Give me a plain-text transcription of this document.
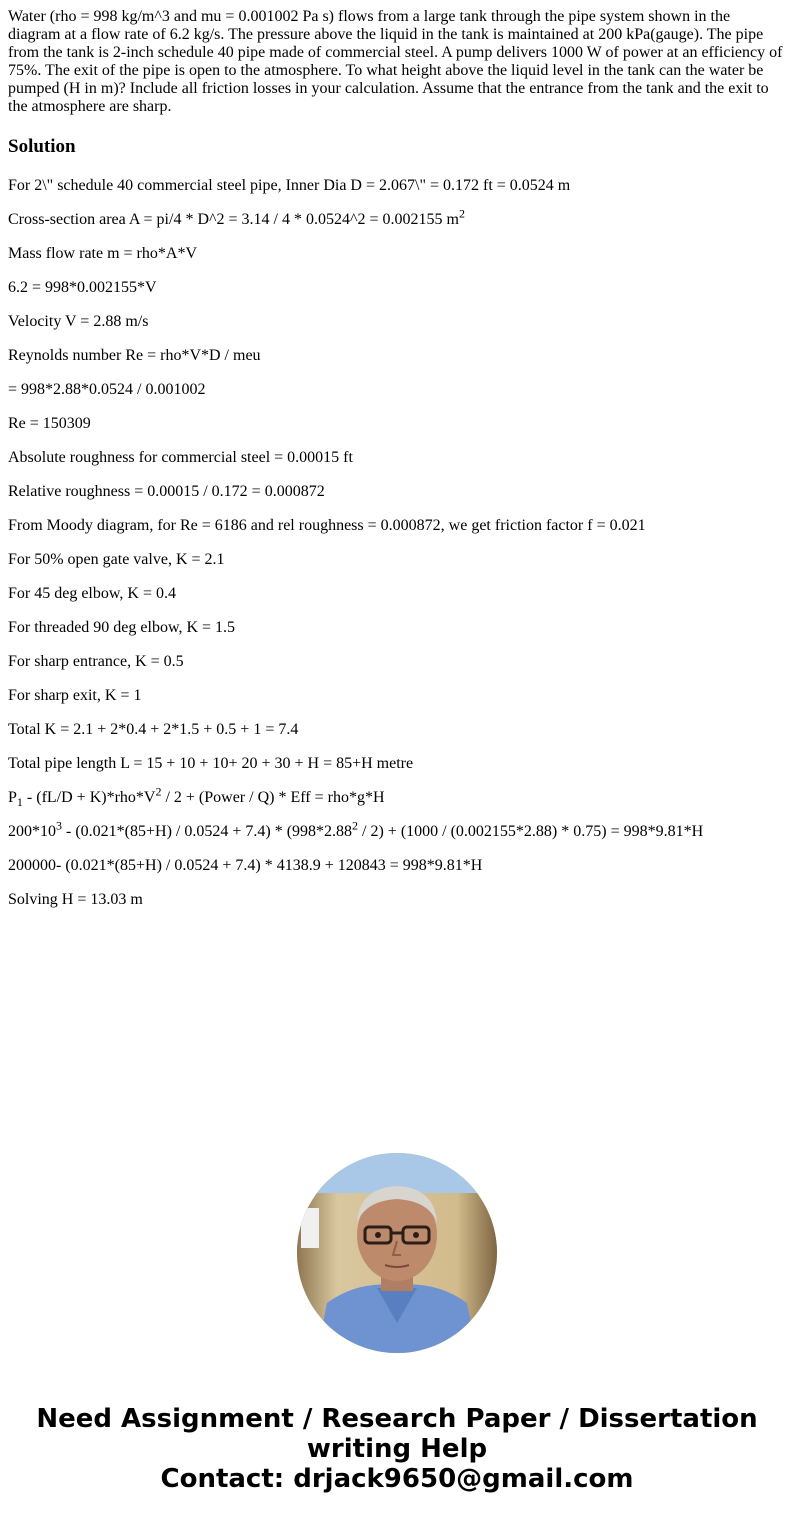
Water (rho = 998 kg/m^3 and mu = 0.001002 Pa s) flows from a large tank through the pipe system shown in the diagram at a flow rate of 6.2 kg/s. The pressure above the liquid in the tank is maintained at 200 kPa(gauge). The pipe from the tank is 2-inch schedule 40 pipe made of commercial steel. A pump delivers 1000 W of power at an efficiency of 75%. The exit of the pipe is open to the atmosphere. To what height above the liquid level in the tank can the water be pumped (H in m)? Include all friction losses in your calculation. Assume that the entrance from the tank and the exit to the atmosphere are sharp.

Solution
For 2\" schedule 40 commercial steel pipe, Inner Dia D = 2.067\" = 0.172 ft = 0.0524 m
Cross-section area A = pi/4 * D^2 = 3.14 / 4 * 0.0524^2 = 0.002155 $m^2$
Mass flow rate m = rho*A*V
6.2 = 998*0.002155*V
Velocity V = 2.88 m/s
Reynolds number Re = rho*V*D / meu
= 998*2.88*0.0524 / 0.001002
Re = 150309
Absolute roughness for commercial steel = 0.00015 ft
Relative roughness = 0.00015 / 0.172 = 0.000872
From Moody diagram, for Re = 6186 and rel roughness = 0.000872, we get friction factor f = 0.021
For 50% open gate valve, K = 2.1
For 45 deg elbow, K = 0.4
For threaded 90 deg elbow, K = 1.5
For sharp entrance, K = 0.5
For sharp exit, K = 1
Total K = 2.1 + 2*0.4 + 2*1.5 + 0.5 + 1 = 7.4
Total pipe length L = 15 + 10 + 10+ 20 + 30 + H = 85+H metre
$P_1 - (fL/D + K)*rho*V^2 / 2$ + (Power / Q) * Eff = rho*g*H
$200*10^3 - (0.021*(85+H) / 0.0524 + 7.4) * (998*2.88^2 / 2) + (1000 / (0.002155*2.88) * 0.75) = 998*9.81*H$
200000- (0.021*(85+H) / 0.0524 + 7.4) * 4138.9 + 120843 = 998*9.81*H
Solving H = 13.03 m
Need Assignment / Research Paper / Dissertation
writing Help
Contact: drjack9650@gmail.com
